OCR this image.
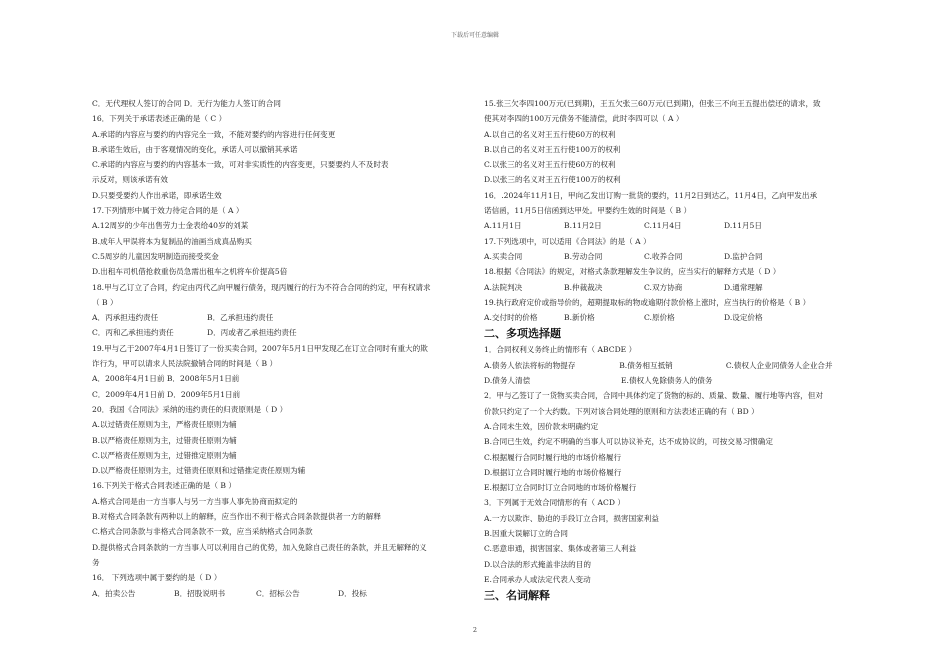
下载后可任意编辑
C．无代理权人签订的合同 D．无行为能力人签订的合同
16．下列关于承诺表述正确的是（ C ）
A.承诺的内容应与要约的内容完全一致，不能对要约的内容进行任何变更
B.承诺生效后，由于客观情况的变化，承诺人可以撤销其承诺
C.承诺的内容应与要约的内容基本一致，可对非实质性的内容变更，只要要约人不及时表
示反对，则该承诺有效
D.只要受要约人作出承诺，即承诺生效
17.下列情形中属于效力待定合同的是（ A ）
A.12周岁的少年出售劳力士金表给40岁的刘某
B.成年人甲误将本为复制品的油画当成真品购买
C.5周岁的儿童因发明制造而接受奖金
D.出租车司机借抢救重伤员急需出租车之机将车价提高5倍
18.甲与乙订立了合同，约定由丙代乙向甲履行债务，现丙履行的行为不符合合同的约定，甲有权请求
（ B ）
A．丙承担违约责任	B．乙承担违约责任
C．丙和乙承担违约责任	D．丙或者乙承担违约责任
19.甲与乙于2007年4月1日签订了一份买卖合同，2007年5月1日甲发现乙在订立合同时有重大的欺
诈行为，甲可以请求人民法院撤销合同的时间是（ B ）
A．2008年4月1日前 B．2008年5月1日前
C．2009年4月1日前 D．2009年5月1日前
20．我国《合同法》采纳的违约责任的归责原则是（ D ）
A.以过错责任原则为主，严格责任原则为辅
B.以严格责任原则为主，过错责任原则为辅
C.以严格责任原则为主，过错推定原则为辅
D.以严格责任原则为主，过错责任原则和过错推定责任原则为辅
16.下列关于格式合同表述正确的是（ B ）
A.格式合同是由一方当事人与另一方当事人事先协商而拟定的
B.对格式合同条款有两种以上的解释，应当作出不利于格式合同条款提供者一方的解释
C.格式合同条款与非格式合同条款不一致，应当采纳格式合同条款
D.提供格式合同条款的一方当事人可以利用自己的优势，加入免除自己责任的条款，并且无解释的义
务
16． 下列选项中属于要约的是（ D ）
A．拍卖公告	B．招股说明书	C．招标公告	D．投标
15.张三欠李四100万元(已到期)，王五欠张三60万元(已到期)，但张三不向王五提出偿还的请求，致
使其对李四的100万元债务不能清偿，此时李四可以（ A ）
A.以自己的名义对王五行使60万的权利
B.以自己的名义对王五行使100万的权利
C.以张三的名义对王五行使60万的权利
D.以张三的名义对王五行使100万的权利
16．.2024年11月1日，甲向乙发出订购一批货的要约，11月2日到达乙，11月4日，乙向甲发出承
诺信函，11月5日信函到达甲处。甲要约生效的时间是（ B ）
A.11月1日	B.11月2日	C.11月4日	D.11月5日
17.下列选项中，可以适用《合同法》的是（ A ）
A.买卖合同	B.劳动合同	C.收养合同	D.监护合同
18.根据《合同法》的规定，对格式条款理解发生争议的，应当实行的解释方式是（ D ）
A.法院判决	B.仲裁裁决	C.双方协商	D.通常理解
19.执行政府定价或指导价的，超期提取标的物或逾期付款价格上涨时，应当执行的价格是（ B ）
A.交付时的价格	B.新价格	C.原价格	D.设定价格
二、多项选择题
1．合同权利义务终止的情形有（ ABCDE ）
A.债务人依法将标的物提存	B.债务相互抵销	C.债权人企业同债务人企业合并
D.债务人清偿	E.债权人免除债务人的债务
2．甲与乙签订了一货物买卖合同，合同中具体约定了货物的标的、质量、数量、履行地等内容，但对
价款只约定了一个大约数。下列对该合同处理的原则和方法表述正确的有（ BD ）
A.合同未生效，因价款未明确约定
B.合同已生效，约定不明确的当事人可以协议补充，达不成协议的，可按交易习惯确定
C.根据履行合同时履行地的市场价格履行
D.根据订立合同时履行地的市场价格履行
E.根据订立合同时订立合同地的市场价格履行
3．下列属于无效合同情形的有（ ACD ）
A.一方以欺诈、胁迫的手段订立合同，损害国家利益
B.因重大误解订立的合同
C.恶意串通，损害国家、集体或者第三人利益
D.以合法的形式掩盖非法的目的
E.合同承办人或法定代表人变动
三、名词解释
2
